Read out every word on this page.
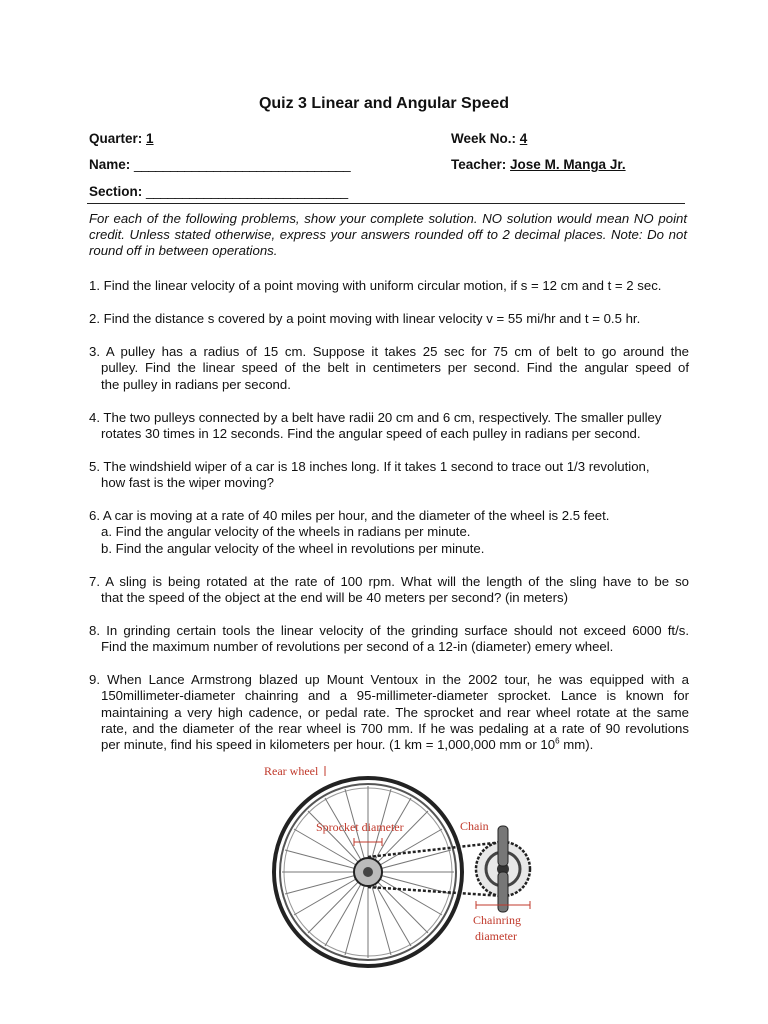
Quiz 3 Linear and Angular Speed
Quarter: 1	Week No.: 4
Name: ______________________________	Teacher: Jose M. Manga Jr.
Section: ____________________________
For each of the following problems, show your complete solution. NO solution would mean NO point credit. Unless stated otherwise, express your answers rounded off to 2 decimal places. Note: Do not round off in between operations.
1. Find the linear velocity of a point moving with uniform circular motion, if s = 12 cm and t = 2 sec.
2. Find the distance s covered by a point moving with linear velocity v = 55 mi/hr and t = 0.5 hr.
3. A pulley has a radius of 15 cm. Suppose it takes 25 sec for 75 cm of belt to go around the
pulley. Find the linear speed of the belt in centimeters per second. Find the angular speed of
the pulley in radians per second.
4. The two pulleys connected by a belt have radii 20 cm and 6 cm, respectively. The smaller pulley
rotates 30 times in 12 seconds. Find the angular speed of each pulley in radians per second.
5. The windshield wiper of a car is 18 inches long. If it takes 1 second to trace out 1/3 revolution,
how fast is the wiper moving?
6. A car is moving at a rate of 40 miles per hour, and the diameter of the wheel is 2.5 feet.
a. Find the angular velocity of the wheels in radians per minute.
b. Find the angular velocity of the wheel in revolutions per minute.
7. A sling is being rotated at the rate of 100 rpm. What will the length of the sling have to be so
that the speed of the object at the end will be 40 meters per second? (in meters)
8. In grinding certain tools the linear velocity of the grinding surface should not exceed 6000 ft/s.
Find the maximum number of revolutions per second of a 12-in (diameter) emery wheel.
9. When Lance Armstrong blazed up Mount Ventoux in the 2002 tour, he was equipped with a
150millimeter-diameter chainring and a 95-millimeter-diameter sprocket. Lance is known for
maintaining a very high cadence, or pedal rate. The sprocket and rear wheel rotate at the same
rate, and the diameter of the rear wheel is 700 mm. If he was pedaling at a rate of 90 revolutions
per minute, find his speed in kilometers per hour. (1 km = 1,000,000 mm or $10^6$ mm).
Rear wheel
Sprocket diameter	Chain
Chainring
diameter
